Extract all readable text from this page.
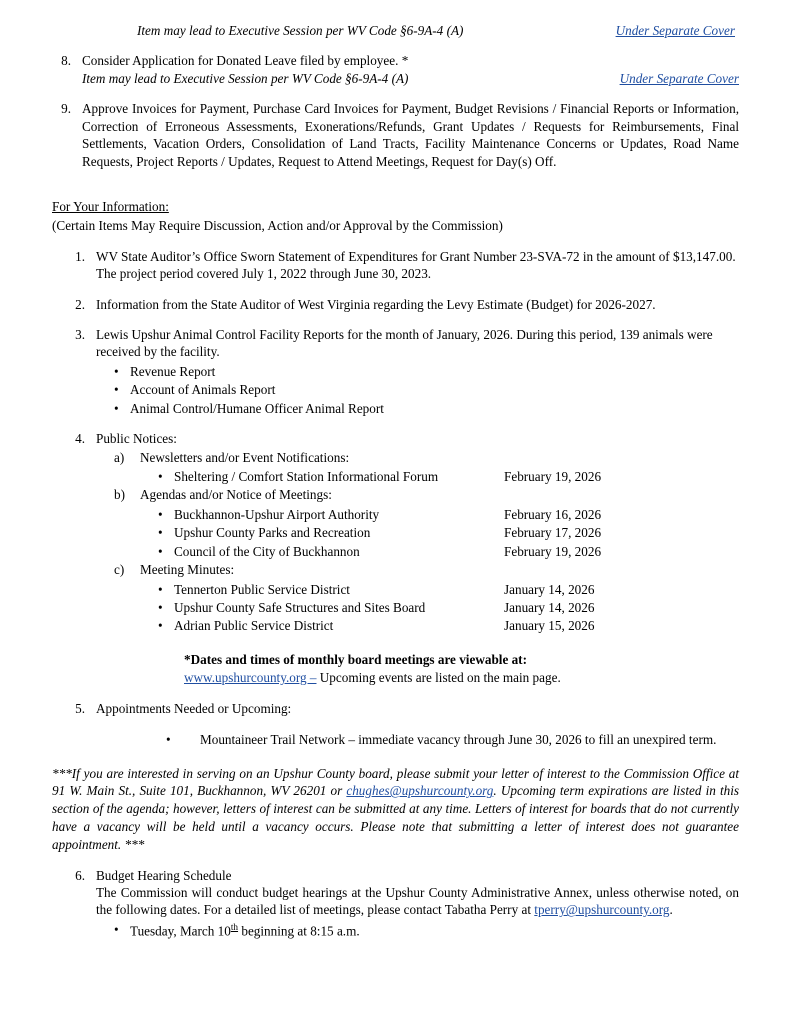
Item may lead to Executive Session per WV Code §6-9A-4 (A)	Under Separate Cover
8. Consider Application for Donated Leave filed by employee. *
Item may lead to Executive Session per WV Code §6-9A-4 (A)	Under Separate Cover
9. Approve Invoices for Payment, Purchase Card Invoices for Payment, Budget Revisions / Financial Reports or Information, Correction of Erroneous Assessments, Exonerations/Refunds, Grant Updates / Requests for Reimbursements, Final Settlements, Vacation Orders, Consolidation of Land Tracts, Facility Maintenance Concerns or Updates, Road Name Requests, Project Reports / Updates, Request to Attend Meetings, Request for Day(s) Off.
For Your Information:
(Certain Items May Require Discussion, Action and/or Approval by the Commission)
1. WV State Auditor’s Office Sworn Statement of Expenditures for Grant Number 23-SVA-72 in the amount of $13,147.00. The project period covered July 1, 2022 through June 30, 2023.
2. Information from the State Auditor of West Virginia regarding the Levy Estimate (Budget) for 2026-2027.
3. Lewis Upshur Animal Control Facility Reports for the month of January, 2026. During this period, 139 animals were received by the facility.
• Revenue Report
• Account of Animals Report
• Animal Control/Humane Officer Animal Report
4. Public Notices:
a)	Newsletters and/or Event Notifications:
• Sheltering / Comfort Station Informational Forum	February 19, 2026
b)	Agendas and/or Notice of Meetings:
• Buckhannon-Upshur Airport Authority	February 16, 2026
• Upshur County Parks and Recreation	February 17, 2026
• Council of the City of Buckhannon	February 19, 2026
c)	Meeting Minutes:
• Tennerton Public Service District	January 14, 2026
• Upshur County Safe Structures and Sites Board	January 14, 2026
• Adrian Public Service District	January 15, 2026
*Dates and times of monthly board meetings are viewable at:
www.upshurcounty.org – Upcoming events are listed on the main page.
5. Appointments Needed or Upcoming:
•	Mountaineer Trail Network – immediate vacancy through June 30, 2026 to fill an unexpired term.
***If you are interested in serving on an Upshur County board, please submit your letter of interest to the Commission Office at 91 W. Main St., Suite 101, Buckhannon, WV 26201 or chughes@upshurcounty.org. Upcoming term expirations are listed in this section of the agenda; however, letters of interest can be submitted at any time. Letters of interest for boards that do not currently have a vacancy will be held until a vacancy occurs. Please note that submitting a letter of interest does not guarantee appointment. ***
6. Budget Hearing Schedule
The Commission will conduct budget hearings at the Upshur County Administrative Annex, unless otherwise noted, on the following dates. For a detailed list of meetings, please contact Tabatha Perry at tperry@upshurcounty.org.
• Tuesday, March 10th beginning at 8:15 a.m.
